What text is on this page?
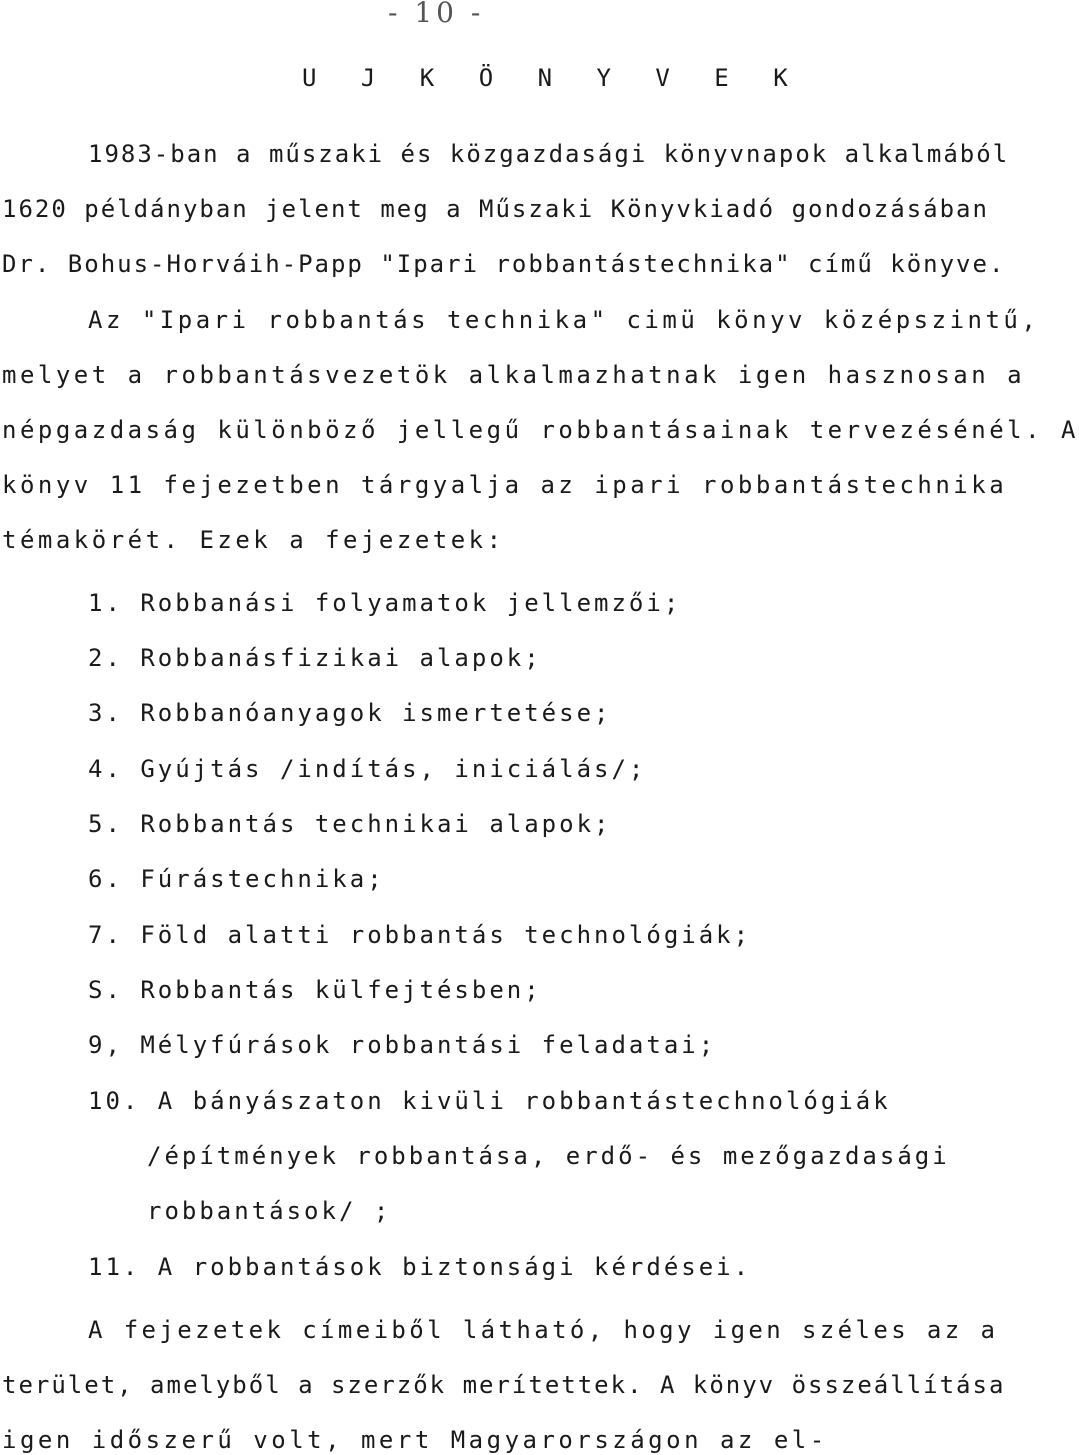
- 10 -
U J K Ö N Y V E K
1983-ban a műszaki és közgazdasági könyvnapok alkalmából
1620 példányban jelent meg a Műszaki Könyvkiadó gondozásában
Dr. Bohus-Horváih-Papp "Ipari robbantástechnika" című könyve.
Az "Ipari robbantás technika" cimü könyv középszintű,
melyet a robbantásvezetök alkalmazhatnak igen hasznosan a
népgazdaság különböző jellegű robbantásainak tervezésénél. A
könyv 11 fejezetben tárgyalja az ipari robbantástechnika
témakörét. Ezek a fejezetek:
1. Robbanási folyamatok jellemzői;
2. Robbanásfizikai alapok;
3. Robbanóanyagok ismertetése;
4. Gyújtás /indítás, iniciálás/;
5. Robbantás technikai alapok;
6. Fúrástechnika;
7. Föld alatti robbantás technológiák;
S. Robbantás külfejtésben;
9, Mélyfúrások robbantási feladatai;
10. A bányászaton kivüli robbantástechnológiák
/építmények robbantása, erdő- és mezőgazdasági
robbantások/ ;
11. A robbantások biztonsági kérdései.
A fejezetek címeiből látható, hogy igen széles az a
terület, amelyből a szerzők merítettek. A könyv összeállítása
igen időszerű volt, mert Magyarországon az el-
